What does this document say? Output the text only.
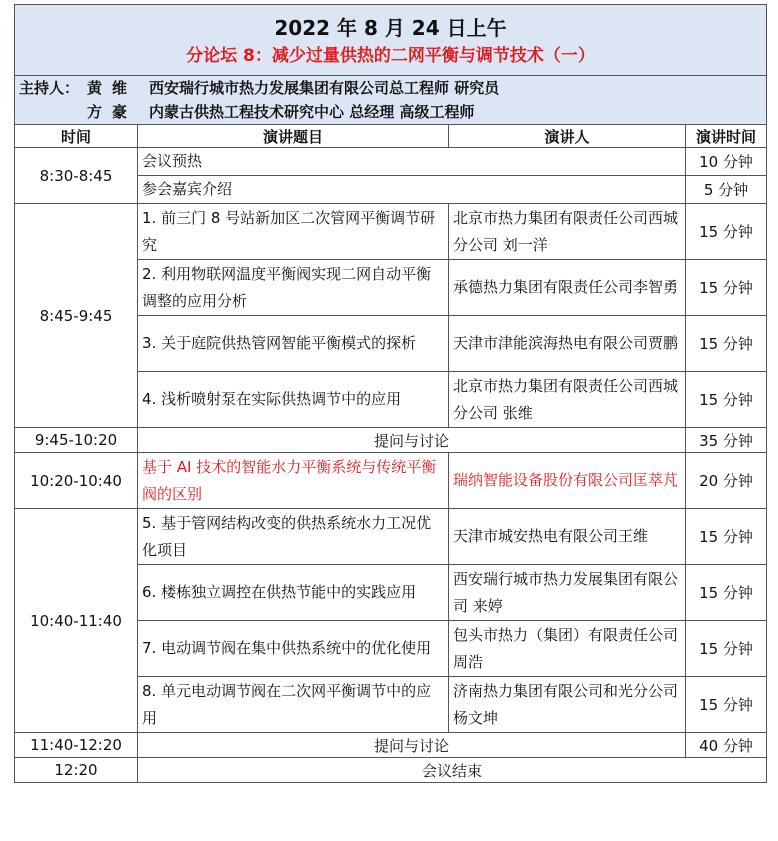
2022 年 8 月 24 日上午
分论坛 8：减少过量供热的二网平衡与调节技术（一）			

主持人： 黄维 西安瑞行城市热力发展集团有限公司总工程师 研究员
方豪 内蒙古供热工程技术研究中心 总经理 高级工程师			

时间	演讲题目	演讲人	演讲时间
8:30-8:45	会议预热		10 分钟
	参会嘉宾介绍		5 分钟
8:45-9:45	1. 前三门 8 号站新加区二次管网平衡调节研究	北京市热力集团有限责任公司西城分公司 刘一洋	15 分钟
	2. 利用物联网温度平衡阀实现二网自动平衡调整的应用分析	承德热力集团有限责任公司李智勇	15 分钟
	3. 关于庭院供热管网智能平衡模式的探析	天津市津能滨海热电有限公司贾鹏	15 分钟
	4. 浅析喷射泵在实际供热调节中的应用	北京市热力集团有限责任公司西城分公司 张维	15 分钟
9:45-10:20	提问与讨论		35 分钟
10:20-10:40	基于 AI 技术的智能水力平衡系统与传统平衡阀的区别	瑞纳智能设备股份有限公司匡萃芃	20 分钟
10:40-11:40	5. 基于管网结构改变的供热系统水力工况优化项目	天津市城安热电有限公司王维	15 分钟
	6. 楼栋独立调控在供热节能中的实践应用	西安瑞行城市热力发展集团有限公司 来婷	15 分钟
	7. 电动调节阀在集中供热系统中的优化使用	包头市热力（集团）有限责任公司 周浩	15 分钟
	8. 单元电动调节阀在二次网平衡调节中的应用	济南热力集团有限公司和光分公司 杨文坤	15 分钟
11:40-12:20	提问与讨论		40 分钟
12:20	会议结束		
